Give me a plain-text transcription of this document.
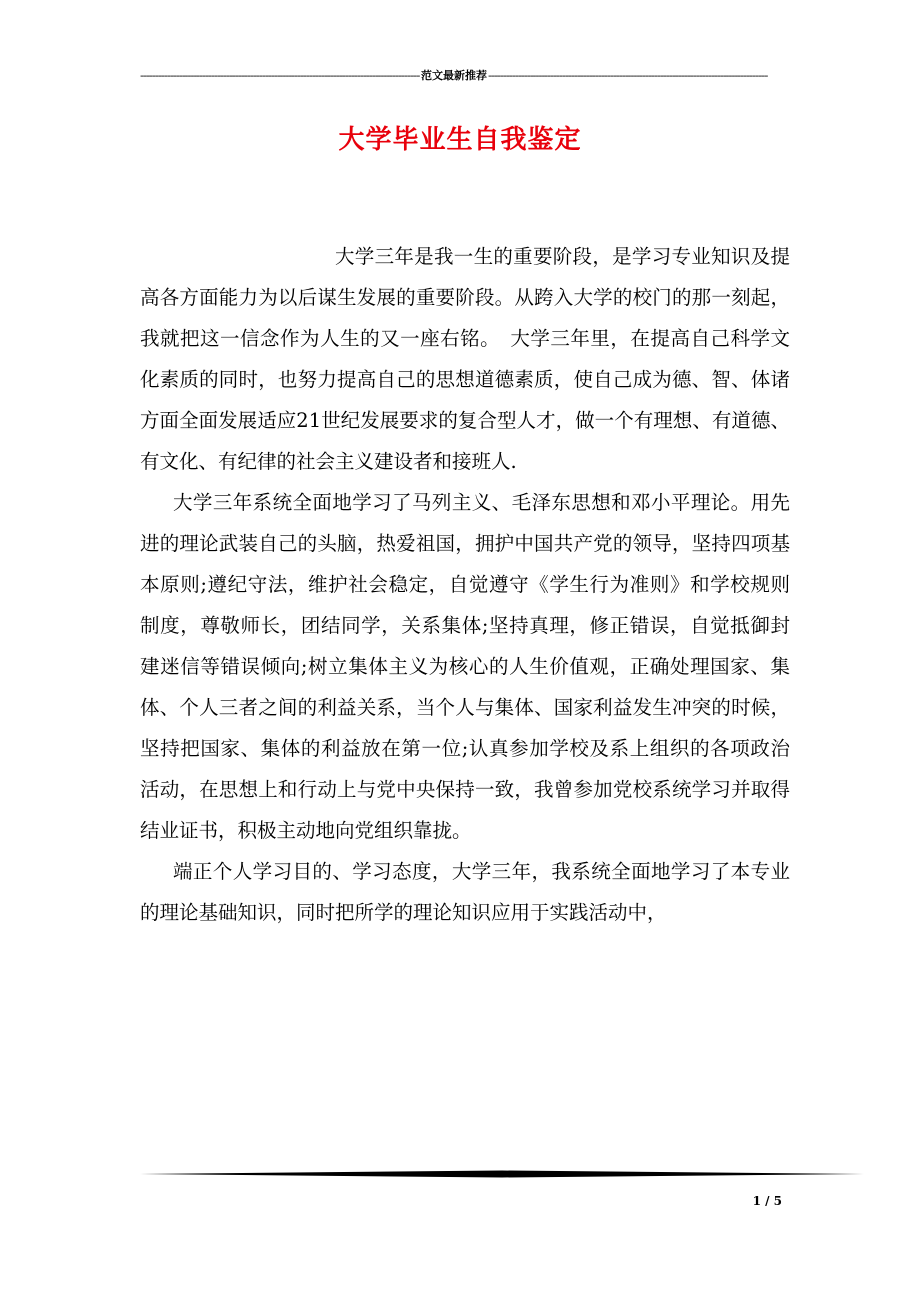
-----
范文最新推荐
-----
大学毕业生自我鉴定

大学三年是我一生的重要阶段，是学习专业知识及提高各方面能力为以后谋生发展的重要阶段。从跨入大学的校门的那一刻起，我就把这一信念作为人生的又一座右铭。　大学三年里，在提高自己科学文化素质的同时，也努力提高自己的思想道德素质，使自己成为德、智、体诸方面全面发展适应21世纪发展要求的复合型人才，做一个有理想、有道德、有文化、有纪律的社会主义建设者和接班人.

大学三年系统全面地学习了马列主义、毛泽东思想和邓小平理论。用先进的理论武装自己的头脑，热爱祖国，拥护中国共产党的领导，坚持四项基本原则;遵纪守法，维护社会稳定，自觉遵守《学生行为准则》和学校规则制度，尊敬师长，团结同学，关系集体;坚持真理，修正错误，自觉抵御封建迷信等错误倾向;树立集体主义为核心的人生价值观，正确处理国家、集体、个人三者之间的利益关系，当个人与集体、国家利益发生冲突的时候，坚持把国家、集体的利益放在第一位;认真参加学校及系上组织的各项政治活动，在思想上和行动上与党中央保持一致，我曾参加党校系统学习并取得结业证书，积极主动地向党组织靠拢。

端正个人学习目的、学习态度，大学三年，我系统全面地学习了本专业的理论基础知识，同时把所学的理论知识应用于实践活动中，

1 / 5
